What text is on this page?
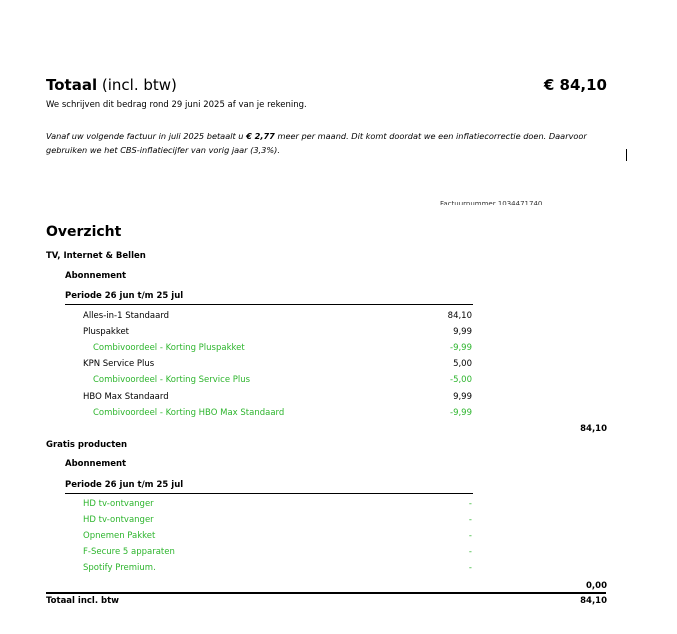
Totaal (incl. btw)	€ 84,10
We schrijven dit bedrag rond 29 juni 2025 af van je rekening.
Vanaf uw volgende factuur in juli 2025 betaalt u € 2,77 meer per maand. Dit komt doordat we een inflatiecorrectie doen. Daarvoor gebruiken we het CBS-inflatiecijfer van vorig jaar (3,3%).
Factuurnummer 1034471740
Overzicht
TV, Internet & Bellen
Abonnement
Periode 26 jun t/m 25 jul
Alles-in-1 Standaard	84,10
Pluspakket	9,99
Combivoordeel - Korting Pluspakket	-9,99
KPN Service Plus	5,00
Combivoordeel - Korting Service Plus	-5,00
HBO Max Standaard	9,99
Combivoordeel - Korting HBO Max Standaard	-9,99
84,10
Gratis producten
Abonnement
Periode 26 jun t/m 25 jul
HD tv-ontvanger	-
HD tv-ontvanger	-
Opnemen Pakket	-
F-Secure 5 apparaten	-
Spotify Premium.	-
0,00
Totaal incl. btw	84,10
